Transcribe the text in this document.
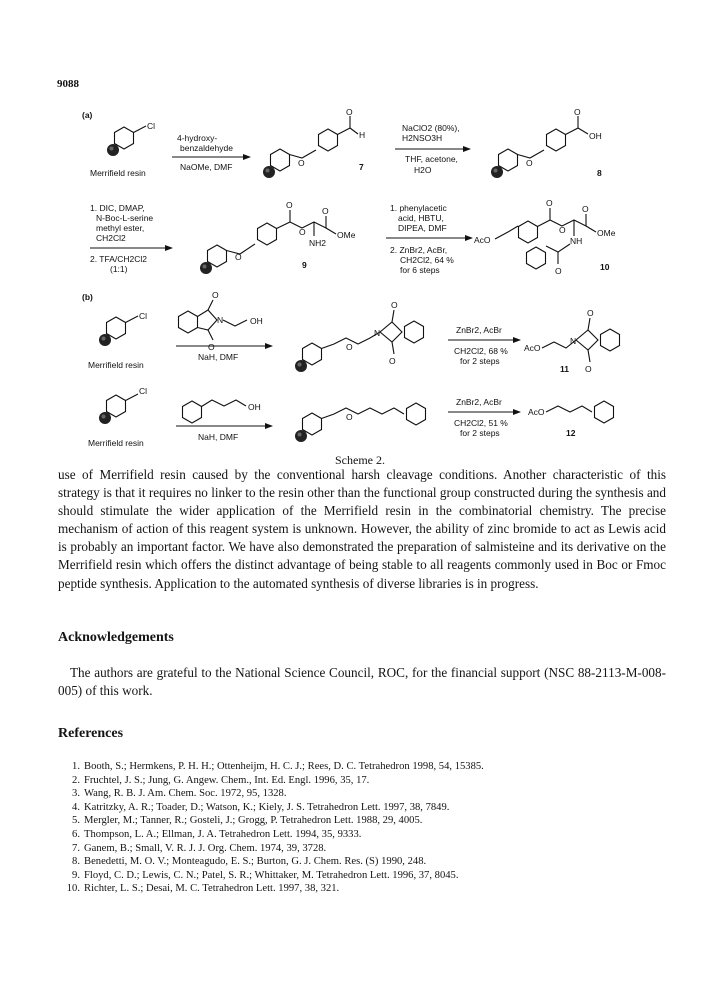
9088
(a)
Cl
Merrifield resin
4-hydroxy-
benzaldehyde
NaOMe, DMF	O
O
H
7
NaClO2 (80%),
H2NSO3H
THF, acetone,
H2O
O
O
OH
8
1. DIC, DMAP,
N-Boc-L-serine
methyl ester,
CH2Cl2
2. TFA/CH2Cl2
(1:1)
O
O
O
O	OMe
NH2
9
1. phenylacetic
acid, HBTU,
DIPEA, DMF
2. ZnBr2, AcBr,
CH2Cl2, 64 %
for 6 steps
AcO
O
O
O	OMe
NH
O	10
(b)
Cl
Merrifield resin
O
N	OH
O
NaH, DMF
O
N
O
O
ZnBr2, AcBr
CH2Cl2, 68 %
for 2 steps
AcO
N
O
O
11
Cl
Merrifield resin
OH
NaH, DMF
O
ZnBr2, AcBr
CH2Cl2, 51 %
for 2 steps
AcO
12
Scheme 2.

use of Merrifield resin caused by the conventional harsh cleavage conditions. Another characteristic of this strategy is that it requires no linker to the resin other than the functional group constructed during the synthesis and should stimulate the wider application of the Merrifield resin in the combinatorial chemistry. The precise mechanism of action of this reagent system is unknown. However, the ability of zinc bromide to act as Lewis acid is probably an important factor. We have also demonstrated the preparation of salmisteine and its derivative on the Merrifield resin which offers the distinct advantage of being stable to all reagents commonly used in Boc or Fmoc peptide synthesis. Application to the automated synthesis of diverse libraries is in progress.

Acknowledgements

The authors are grateful to the National Science Council, ROC, for the financial support (NSC 88-2113-M-008-005) of this work.

References
1. Booth, S.; Hermkens, P. H. H.; Ottenheijm, H. C. J.; Rees, D. C. Tetrahedron 1998, 54, 15385.
2. Fruchtel, J. S.; Jung, G. Angew. Chem., Int. Ed. Engl. 1996, 35, 17.
3. Wang, R. B. J. Am. Chem. Soc. 1972, 95, 1328.
4. Katritzky, A. R.; Toader, D.; Watson, K.; Kiely, J. S. Tetrahedron Lett. 1997, 38, 7849.
5. Mergler, M.; Tanner, R.; Gosteli, J.; Grogg, P. Tetrahedron Lett. 1988, 29, 4005.
6. Thompson, L. A.; Ellman, J. A. Tetrahedron Lett. 1994, 35, 9333.
7. Ganem, B.; Small, V. R. J. J. Org. Chem. 1974, 39, 3728.
8. Benedetti, M. O. V.; Monteagudo, E. S.; Burton, G. J. Chem. Res. (S) 1990, 248.
9. Floyd, C. D.; Lewis, C. N.; Patel, S. R.; Whittaker, M. Tetrahedron Lett. 1996, 37, 8045.
10. Richter, L. S.; Desai, M. C. Tetrahedron Lett. 1997, 38, 321.
